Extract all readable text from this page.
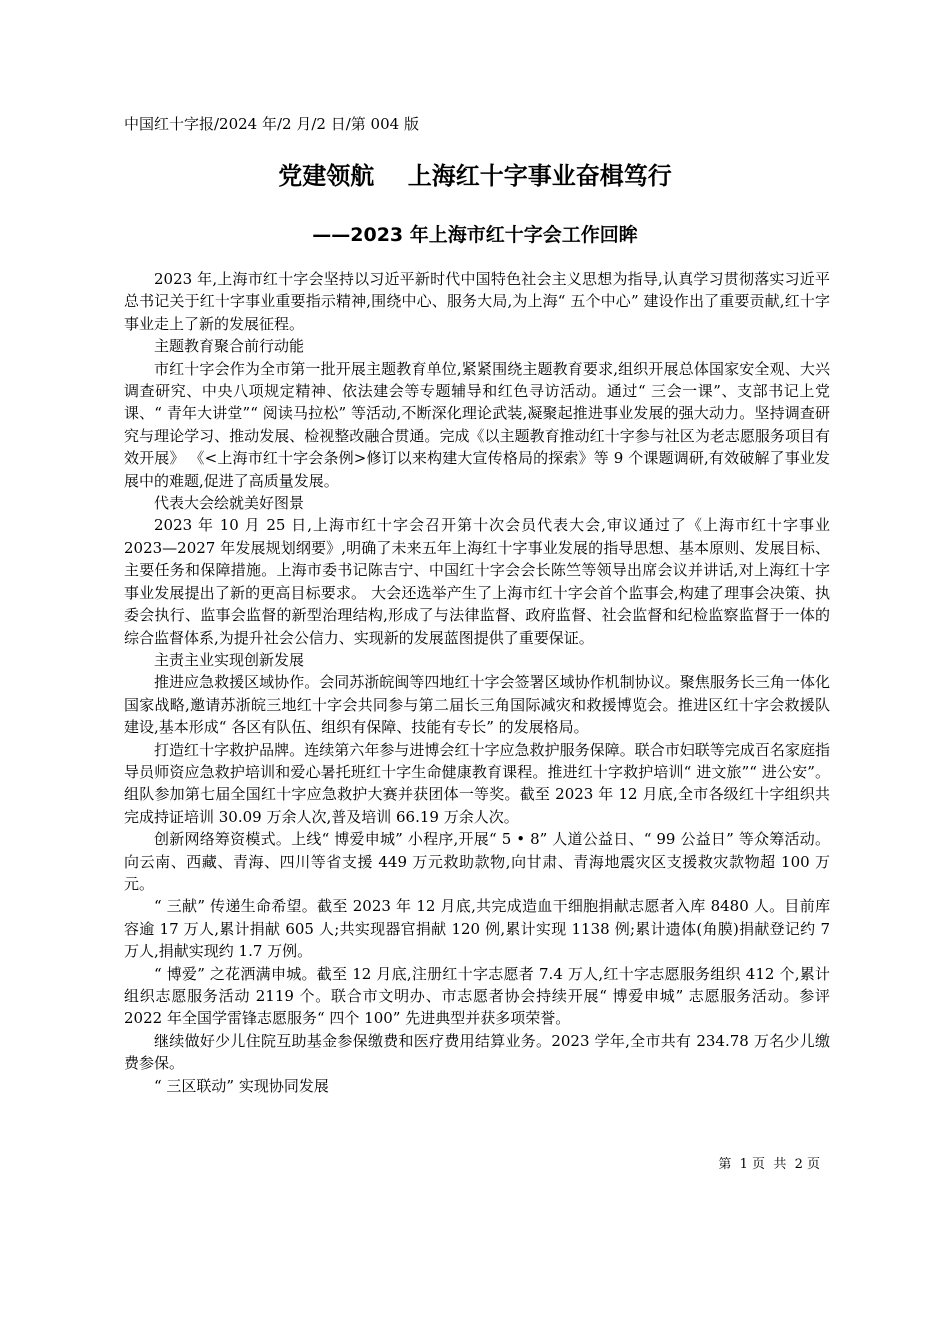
中国红十字报/2024 年/2 月/2 日/第 004 版
党建领航    上海红十字事业奋楫笃行
——2023 年上海市红十字会工作回眸

2023 年,上海市红十字会坚持以习近平新时代中国特色社会主义思想为指导,认真学习贯彻落实习近平总书记关于红十字事业重要指示精神,围绕中心、服务大局,为上海“ 五个中心” 建设作出了重要贡献,红十字事业走上了新的发展征程。

主题教育聚合前行动能

市红十字会作为全市第一批开展主题教育单位,紧紧围绕主题教育要求,组织开展总体国家安全观、大兴调查研究、中央八项规定精神、依法建会等专题辅导和红色寻访活动。通过“ 三会一课”、支部书记上党课、“ 青年大讲堂”“ 阅读马拉松” 等活动,不断深化理论武装,凝聚起推进事业发展的强大动力。坚持调查研究与理论学习、推动发展、检视整改融合贯通。完成《以主题教育推动红十字参与社区为老志愿服务项目有效开展》 《<上海市红十字会条例>修订以来构建大宣传格局的探索》等 9 个课题调研,有效破解了事业发展中的难题,促进了高质量发展。

代表大会绘就美好图景

2023 年 10 月 25 日,上海市红十字会召开第十次会员代表大会,审议通过了《上海市红十字事业 2023—2027 年发展规划纲要》,明确了未来五年上海红十字事业发展的指导思想、基本原则、发展目标、主要任务和保障措施。上海市委书记陈吉宁、中国红十字会会长陈竺等领导出席会议并讲话,对上海红十字事业发展提出了新的更高目标要求。 大会还选举产生了上海市红十字会首个监事会,构建了理事会决策、执委会执行、监事会监督的新型治理结构,形成了与法律监督、政府监督、社会监督和纪检监察监督于一体的综合监督体系,为提升社会公信力、实现新的发展蓝图提供了重要保证。

主责主业实现创新发展

推进应急救援区域协作。会同苏浙皖闽等四地红十字会签署区域协作机制协议。聚焦服务长三角一体化国家战略,邀请苏浙皖三地红十字会共同参与第二届长三角国际减灾和救援博览会。推进区红十字会救援队建设,基本形成“ 各区有队伍、组织有保障、技能有专长” 的发展格局。

打造红十字救护品牌。连续第六年参与进博会红十字应急救护服务保障。联合市妇联等完成百名家庭指导员师资应急救护培训和爱心暑托班红十字生命健康教育课程。推进红十字救护培训“ 进文旅”“ 进公安”。组队参加第七届全国红十字应急救护大赛并获团体一等奖。截至 2023 年 12 月底,全市各级红十字组织共完成持证培训 30.09 万余人次,普及培训 66.19 万余人次。

创新网络筹资模式。上线“ 博爱申城” 小程序,开展“ 5 • 8” 人道公益日、“ 99 公益日” 等众筹活动。向云南、西藏、青海、四川等省支援 449 万元救助款物,向甘肃、青海地震灾区支援救灾款物超 100 万元。

“ 三献” 传递生命希望。截至 2023 年 12 月底,共完成造血干细胞捐献志愿者入库 8480 人。目前库容逾 17 万人,累计捐献 605 人;共实现器官捐献 120 例,累计实现 1138 例;累计遗体(角膜)捐献登记约 7 万人,捐献实现约 1.7 万例。

“ 博爱” 之花洒满申城。截至 12 月底,注册红十字志愿者 7.4 万人,红十字志愿服务组织 412 个,累计组织志愿服务活动 2119 个。联合市文明办、市志愿者协会持续开展“ 博爱申城” 志愿服务活动。参评 2022 年全国学雷锋志愿服务“ 四个 100” 先进典型并获多项荣誉。

继续做好少儿住院互助基金参保缴费和医疗费用结算业务。2023 学年,全市共有 234.78 万名少儿缴费参保。

“ 三区联动” 实现协同发展

第  1 页  共  2 页
